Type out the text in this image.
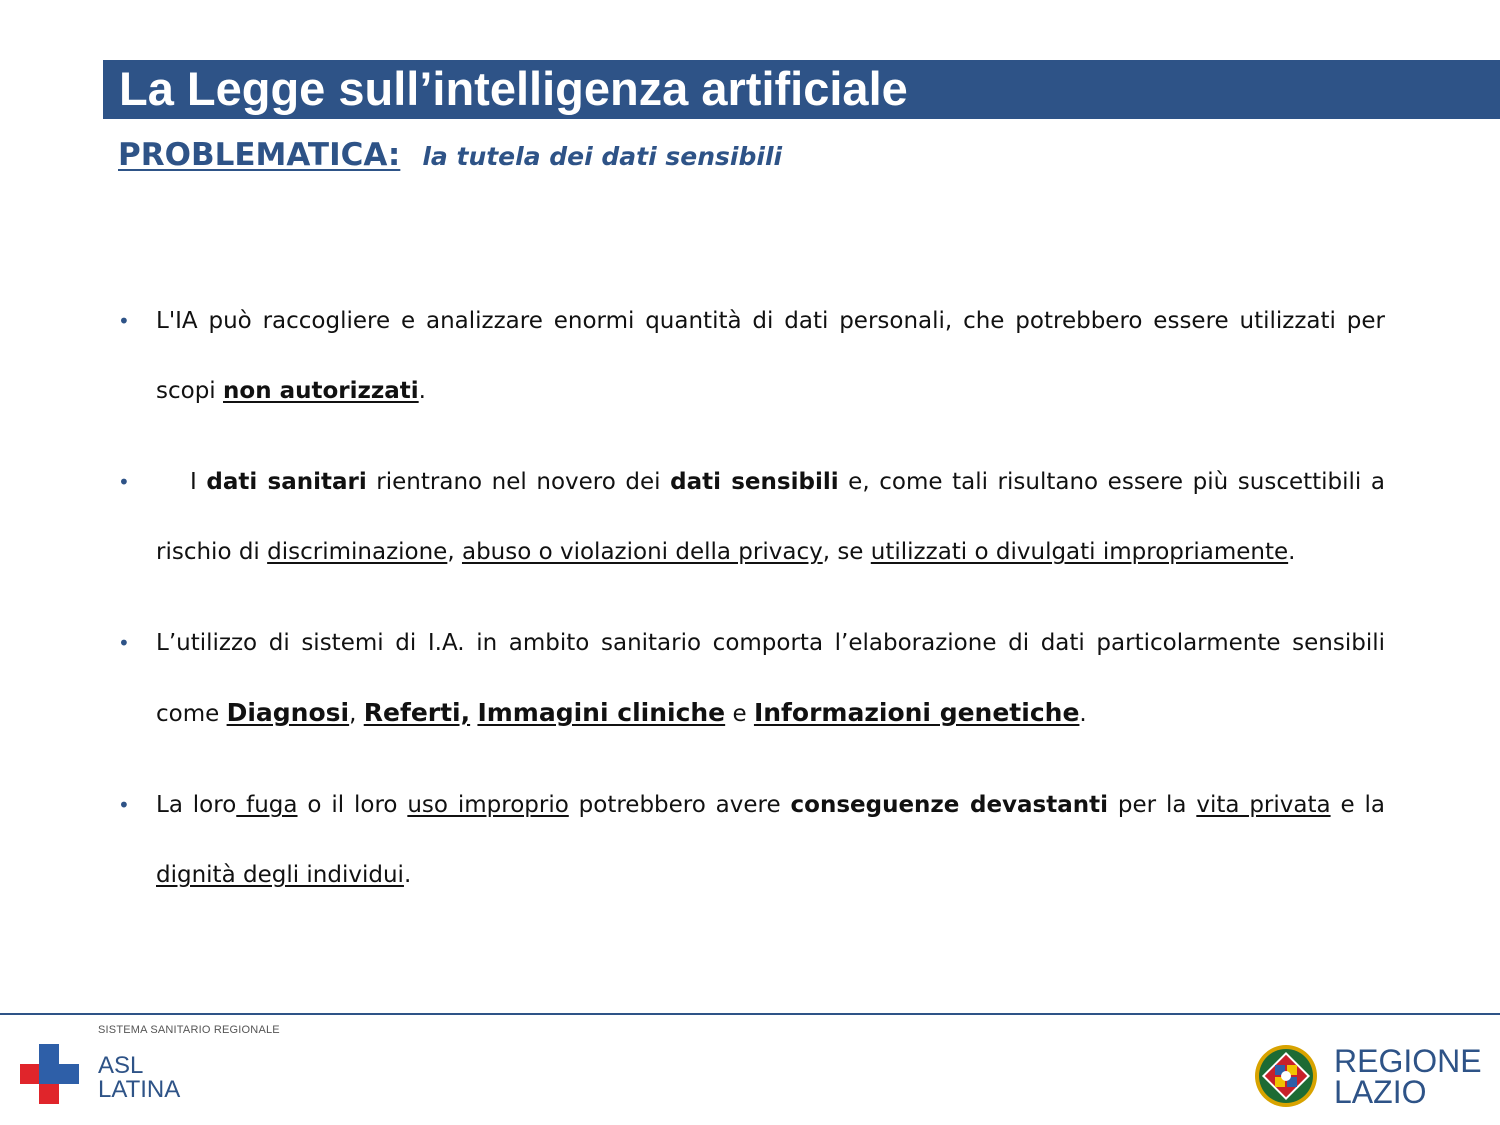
La Legge sull’intelligenza artificiale
PROBLEMATICA: la tutela dei dati sensibili
• L'IA può raccogliere e analizzare enormi quantità di dati personali, che potrebbero essere utilizzati per scopi non autorizzati.
•	I dati sanitari rientrano nel novero dei dati sensibili e, come tali risultano essere più suscettibili a rischio di discriminazione, abuso o violazioni della privacy, se utilizzati o divulgati impropriamente.
• L’utilizzo di sistemi di I.A. in ambito sanitario comporta l’elaborazione di dati particolarmente sensibili come Diagnosi, Referti, Immagini cliniche e Informazioni genetiche.
• La loro fuga o il loro uso improprio potrebbero avere conseguenze devastanti per la vita privata e la dignità degli individui.
SISTEMA SANITARIO REGIONALE
ASL
LATINA
REGIONE
LAZIO
